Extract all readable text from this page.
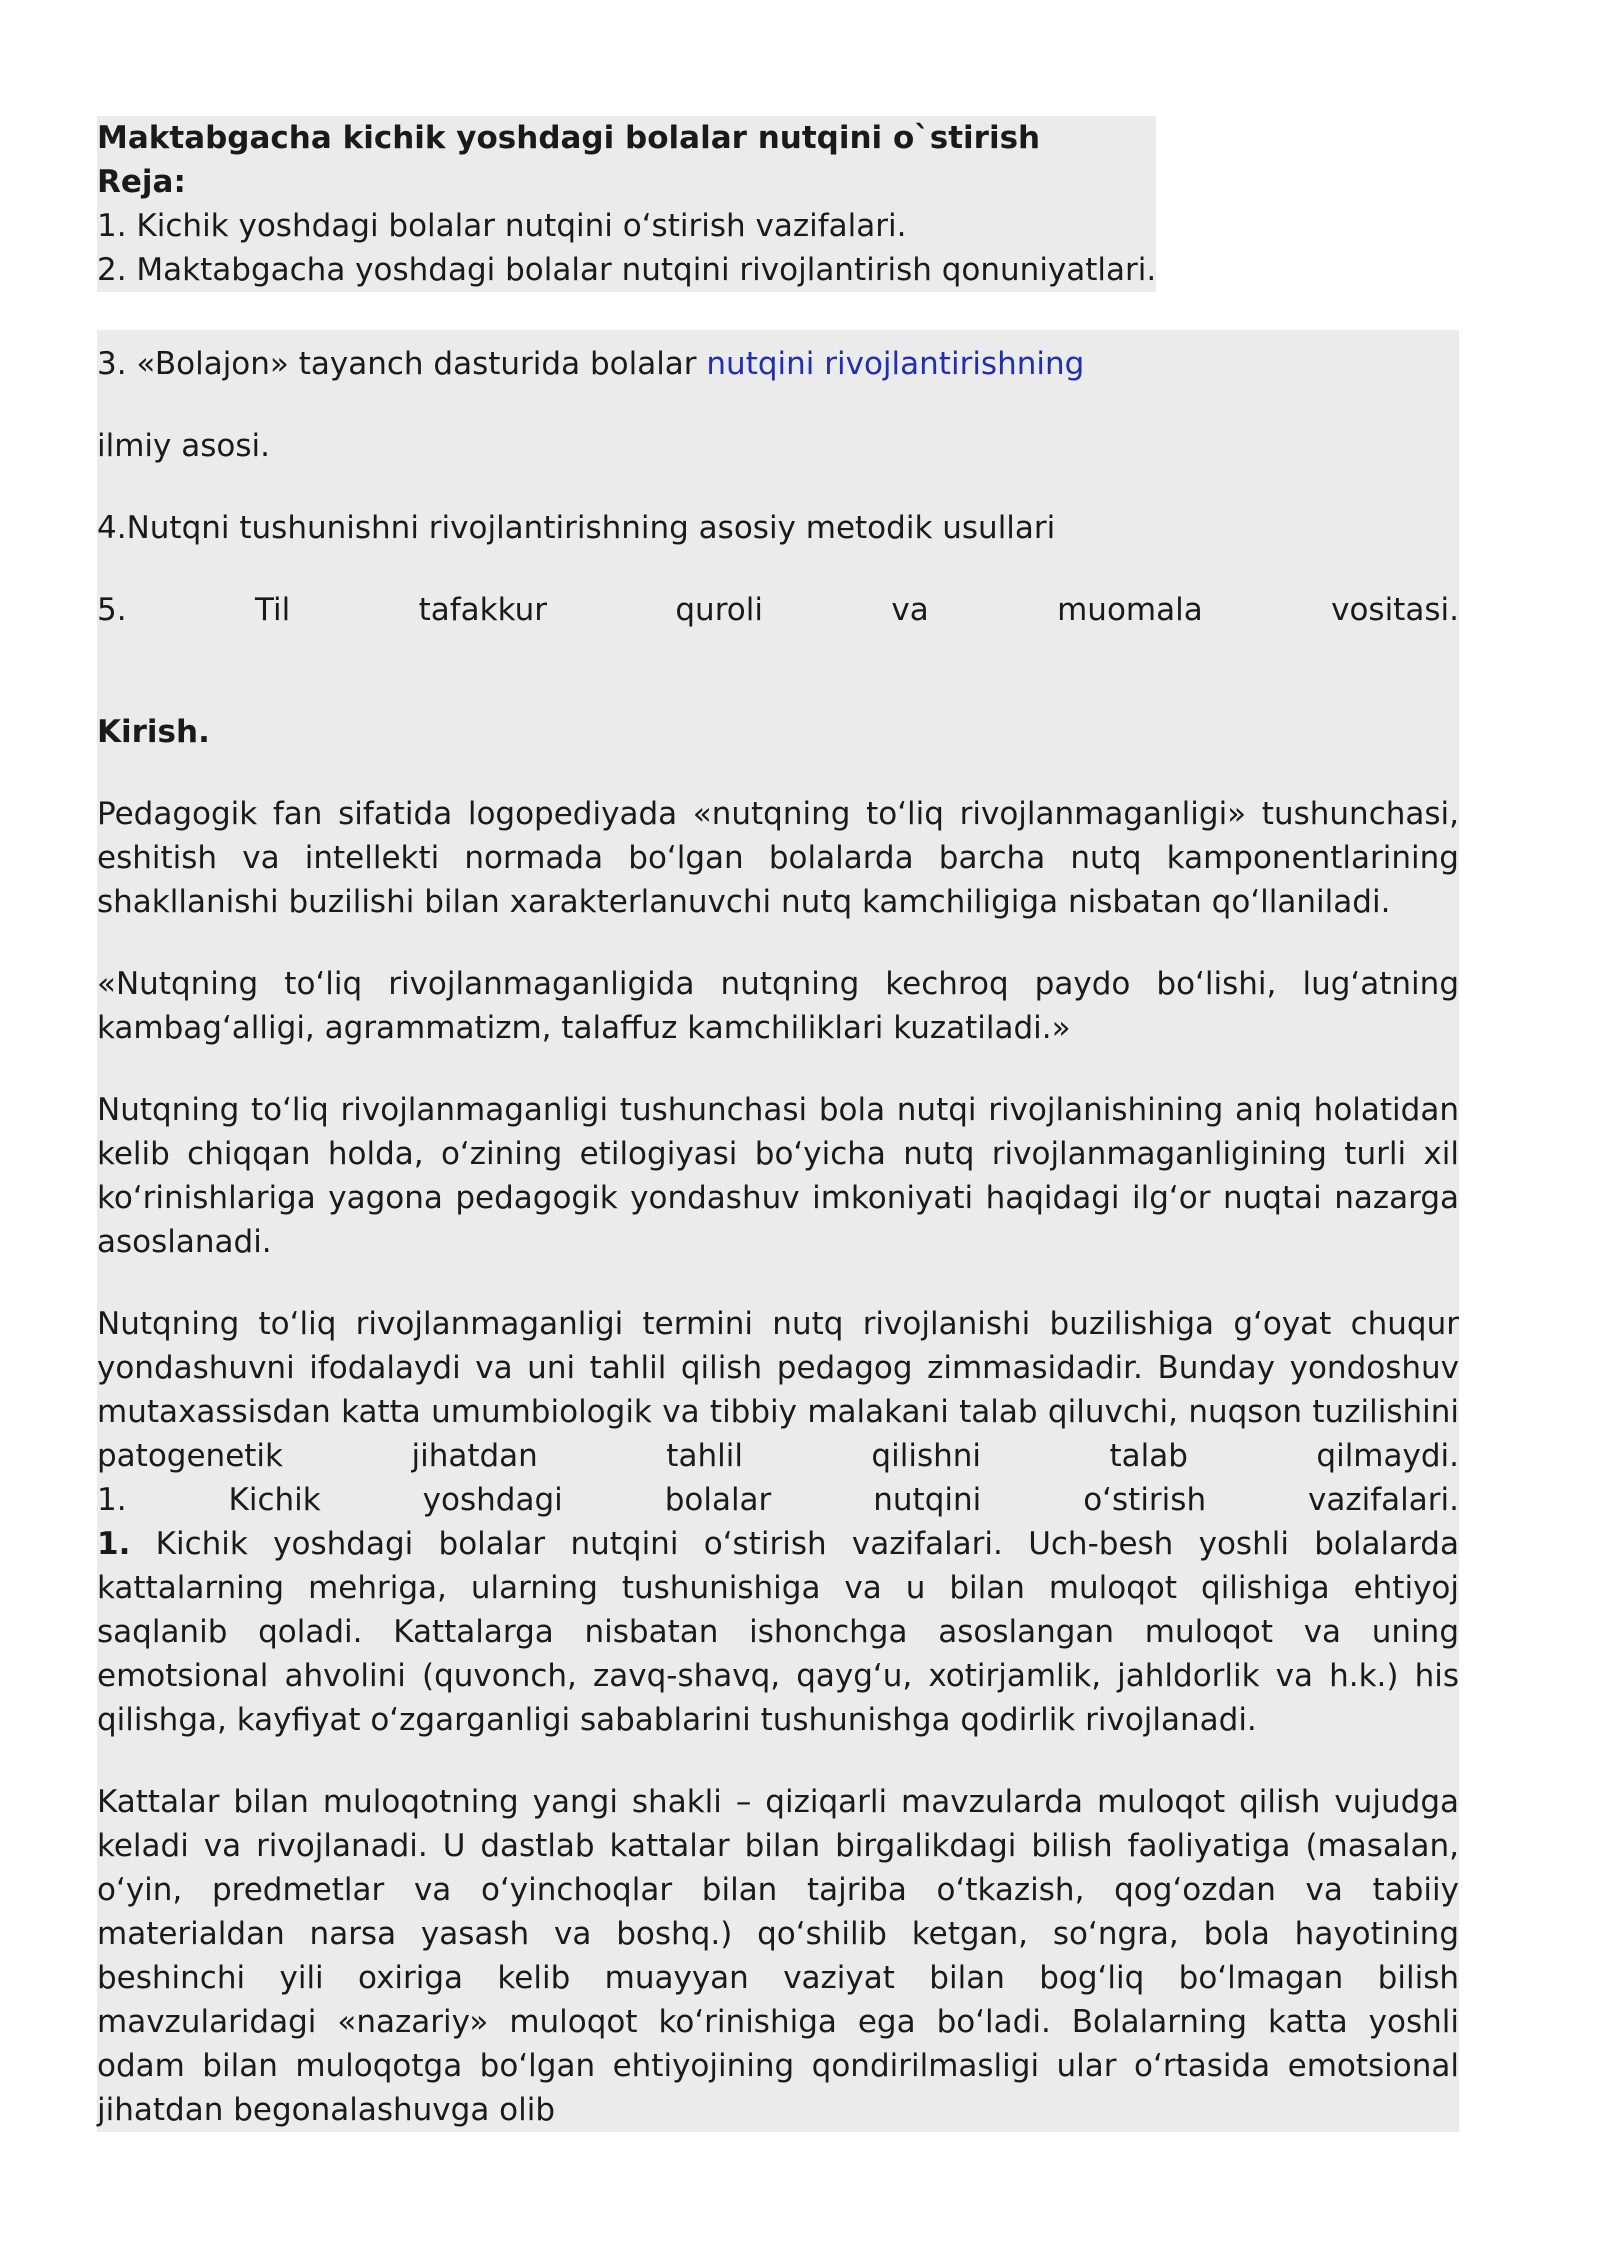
Maktabgacha kichik yoshdagi bolalar nutqini o`stirish
Reja:
1. Kichik yoshdagi bolalar nutqini oʻstirish vazifalari.
2. Maktabgacha yoshdagi bolalar nutqini rivojlantirish qonuniyatlari.

3. «Bolajon» tayanch dasturida bolalar nutqini rivojlantirishning

ilmiy asosi.

4.Nutqni tushunishni rivojlantirishning asosiy metodik usullari

5.	Til	tafakkur	quroli	va	muomala	vositasi.

Kirish.

Pedagogik fan sifatida logopediyada «nutqning toʻliq rivojlanmaganligi» tushunchasi, eshitish va intellekti normada boʻlgan bolalarda barcha nutq kamponentlarining shakllanishi buzilishi bilan xarakterlanuvchi nutq kamchiligiga nisbatan qoʻllaniladi.

«Nutqning toʻliq rivojlanmaganligida nutqning kechroq paydo boʻlishi, lugʻatning kambagʻalligi, agrammatizm, talaffuz kamchiliklari kuzatiladi.»

Nutqning toʻliq rivojlanmaganligi tushunchasi bola nutqi rivojlanishining aniq holatidan kelib chiqqan holda, oʻzining etilogiyasi boʻyicha nutq rivojlanmaganligining turli xil koʻrinishlariga yagona pedagogik yondashuv imkoniyati haqidagi ilgʻor nuqtai nazarga asoslanadi.

Nutqning toʻliq rivojlanmaganligi termini nutq rivojlanishi buzilishiga gʻoyat chuqur yondashuvni ifodalaydi va uni tahlil qilish pedagog zimmasidadir. Bunday yondoshuv mutaxassisdan katta umumbiologik va tibbiy malakani talab qiluvchi, nuqson tuzilishini patogenetik jihatdan tahlil qilishni talab qilmaydi.
1. Kichik yoshdagi bolalar nutqini oʻstirish vazifalari.
1. Kichik yoshdagi bolalar nutqini oʻstirish vazifalari. Uch-besh yoshli bolalarda kattalarning mehriga, ularning tushunishiga va u bilan muloqot qilishiga ehtiyoj saqlanib qoladi. Kattalarga nisbatan ishonchga asoslangan muloqot va uning emotsional ahvolini (quvonch, zavq-shavq, qaygʻu, xotirjamlik, jahldorlik va h.k.) his qilishga, kayfiyat oʻzgarganligi sabablarini tushunishga qodirlik rivojlanadi.

Kattalar bilan muloqotning yangi shakli – qiziqarli mavzularda muloqot qilish vujudga keladi va rivojlanadi. U dastlab kattalar bilan birgalikdagi bilish faoliyatiga (masalan, oʻyin, predmetlar va oʻyinchoqlar bilan tajriba oʻtkazish, qogʻozdan va tabiiy materialdan narsa yasash va boshq.) qoʻshilib ketgan, soʻngra, bola hayotining beshinchi yili oxiriga kelib muayyan vaziyat bilan bogʻliq boʻlmagan bilish mavzularidagi «nazariy» muloqot koʻrinishiga ega boʻladi. Bolalarning katta yoshli odam bilan muloqotga boʻlgan ehtiyojining qondirilmasligi ular oʻrtasida emotsional jihatdan begonalashuvga olib
